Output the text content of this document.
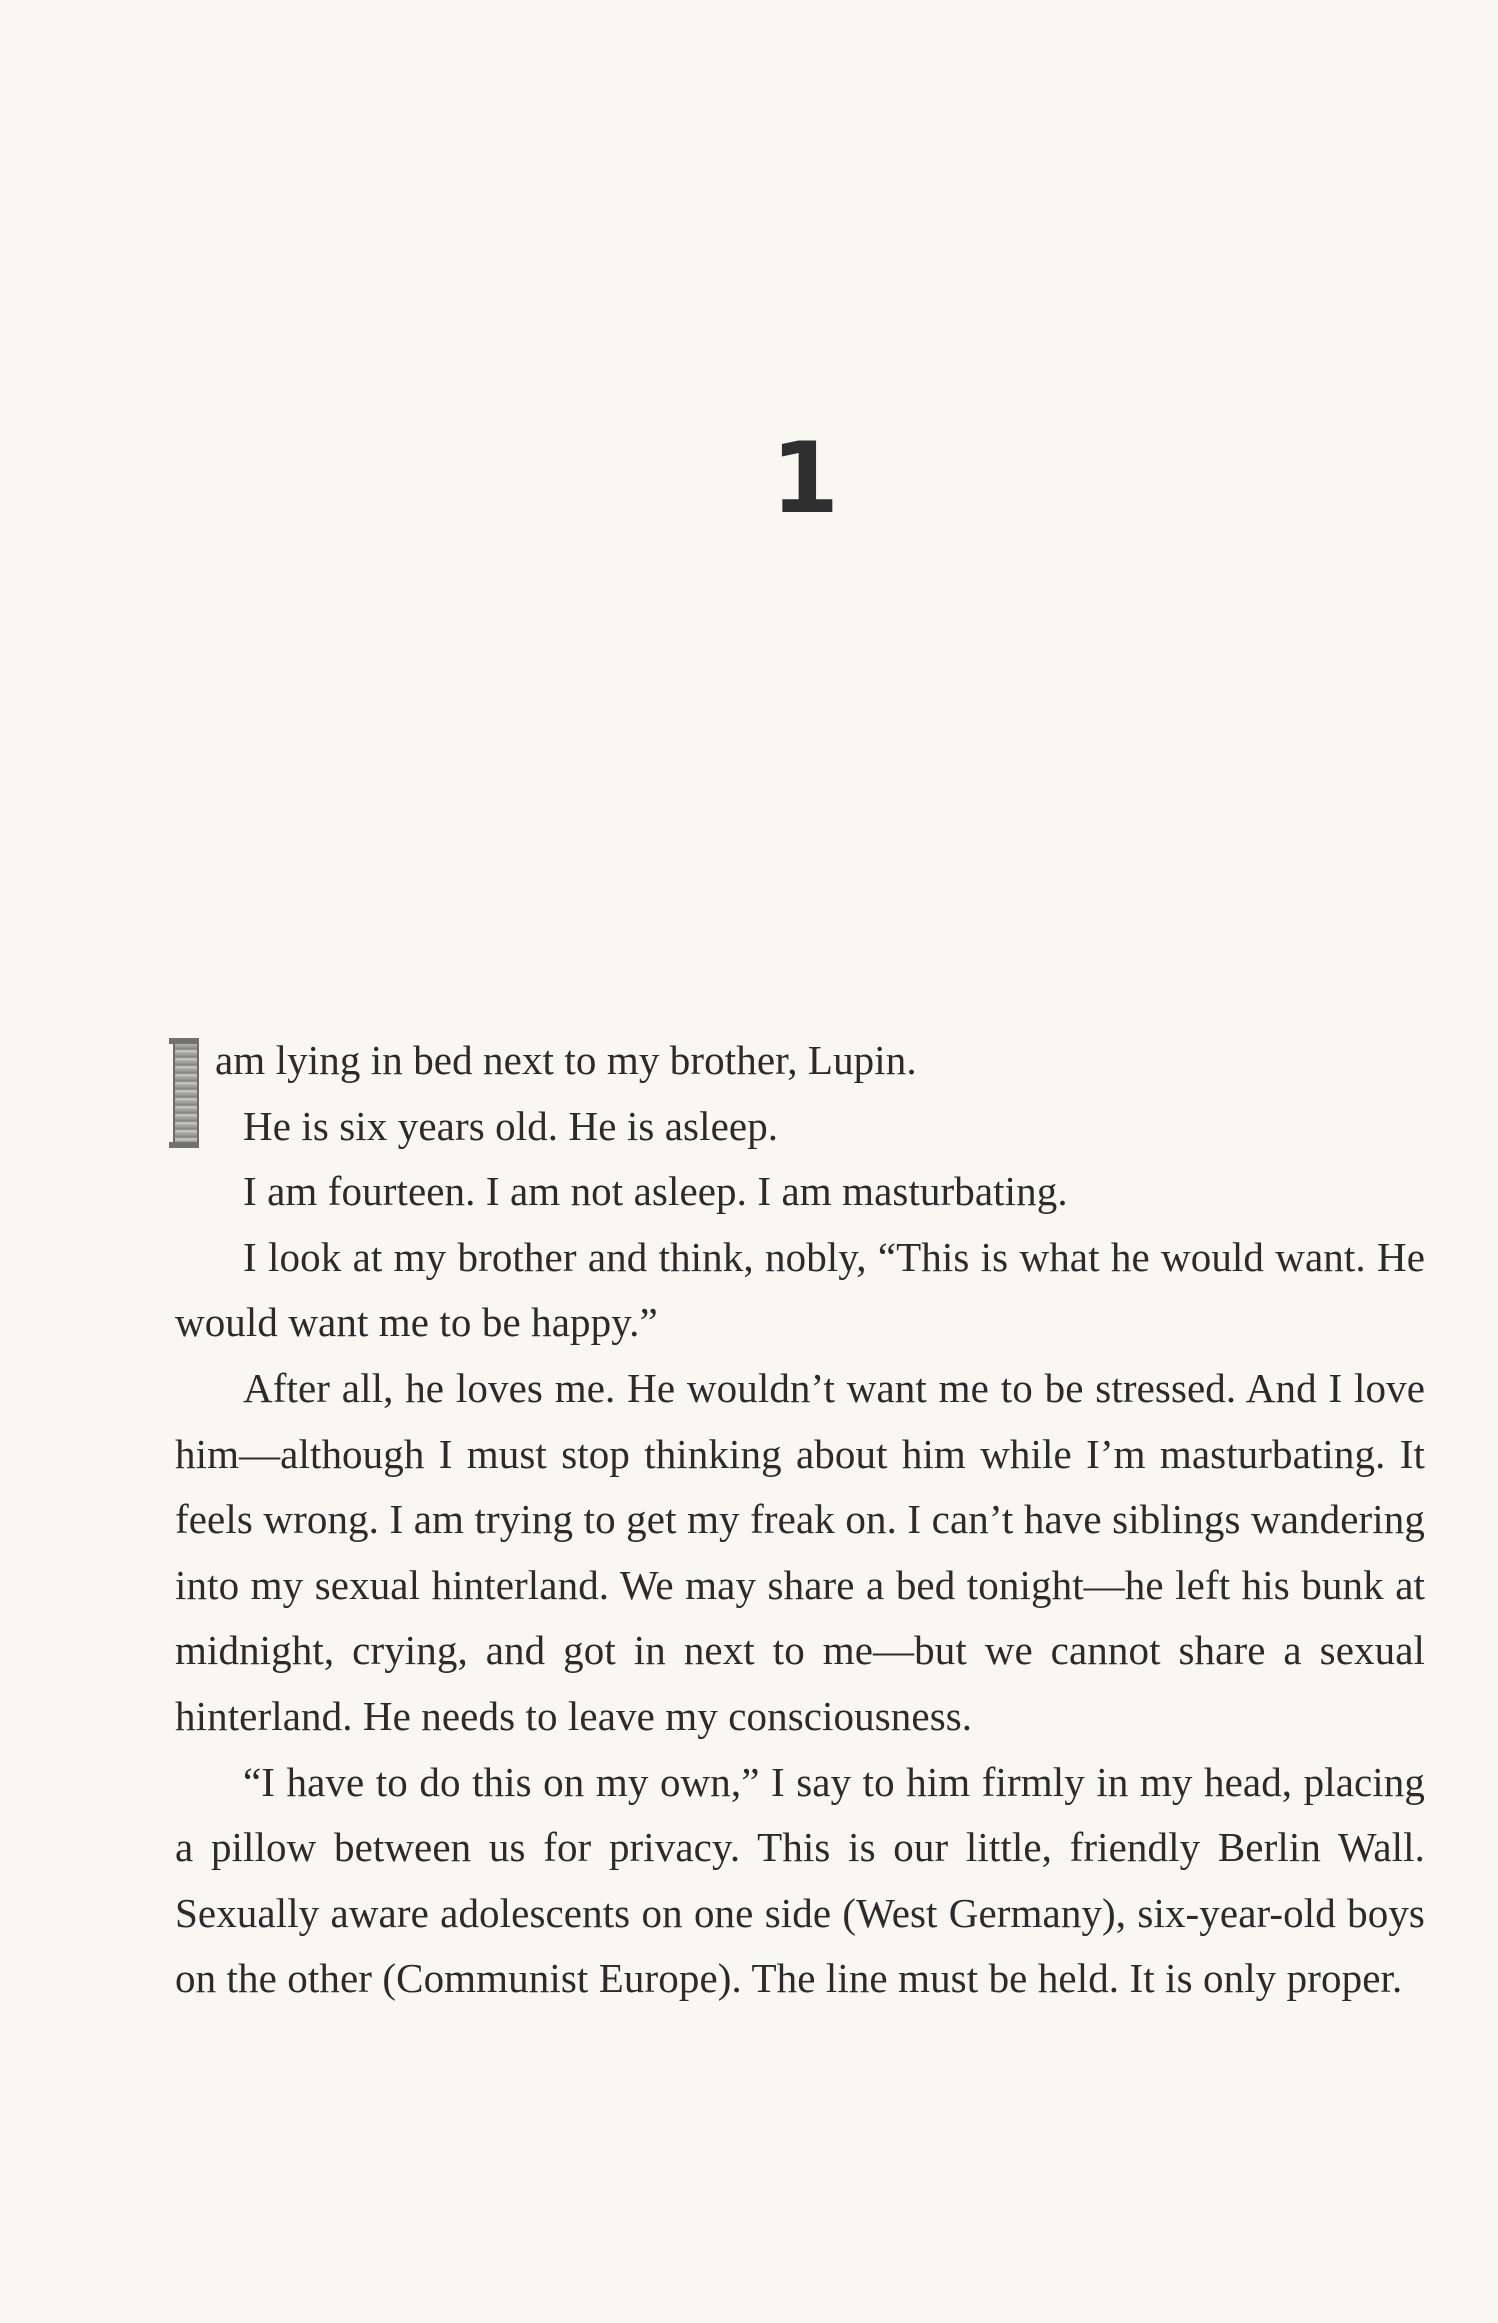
1

am lying in bed next to my brother, Lupin.

He is six years old. He is asleep.

I am fourteen. I am not asleep. I am masturbating.

I look at my brother and think, nobly, “This is what he would want. He would want me to be happy.”

After all, he loves me. He wouldn’t want me to be stressed. And I love him—although I must stop thinking about him while I’m masturbating. It feels wrong. I am trying to get my freak on. I can’t have siblings wandering into my sexual hinterland. We may share a bed tonight—he left his bunk at midnight, crying, and got in next to me—but we cannot share a sexual hinterland. He needs to leave my consciousness.

“I have to do this on my own,” I say to him firmly in my head, placing a pillow between us for privacy. This is our little, friendly Berlin Wall. Sexually aware adolescents on one side (West Germany), six-year-old boys on the other (Communist Europe). The line must be held. It is only proper.
